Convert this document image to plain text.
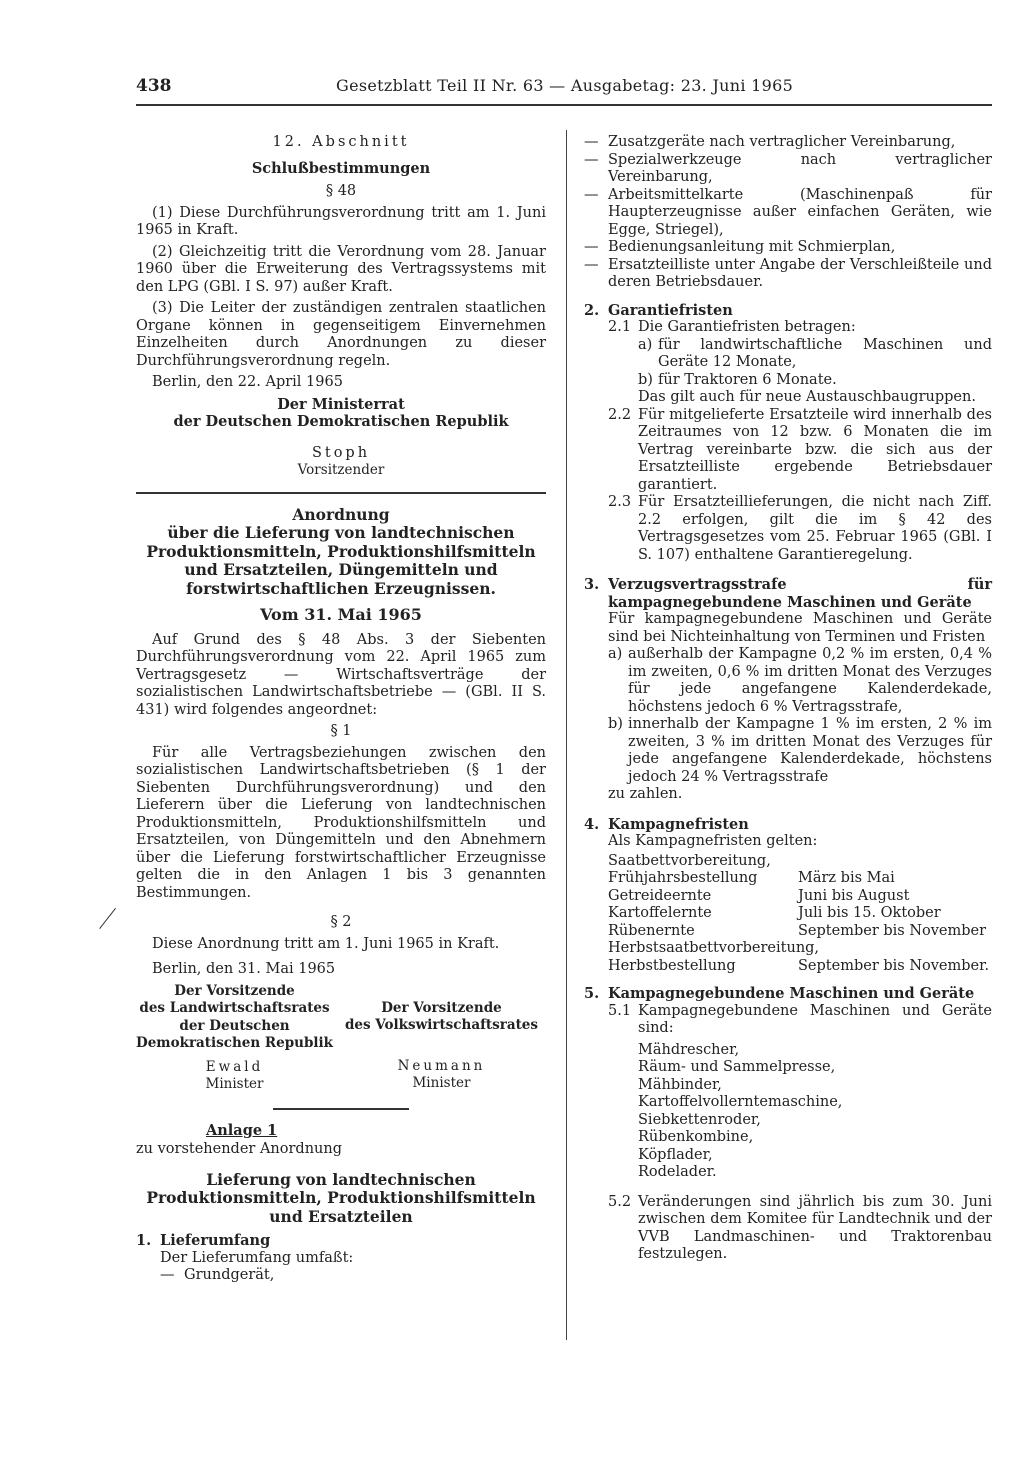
438	Gesetzblatt Teil II Nr. 63 — Ausgabetag: 23. Juni 1965

12. Abschnitt

Schlußbestimmungen

§ 48

(1) Diese Durchführungsverordnung tritt am 1. Juni 1965 in Kraft.

(2) Gleichzeitig tritt die Verordnung vom 28. Januar 1960 über die Erweiterung des Vertragssystems mit den LPG (GBl. I S. 97) außer Kraft.

(3) Die Leiter der zuständigen zentralen staatlichen Organe können in gegenseitigem Einvernehmen Einzelheiten durch Anordnungen zu dieser Durchführungsverordnung regeln.

Berlin, den 22. April 1965

Der Ministerrat

der Deutschen Demokratischen Republik

Stoph

Vorsitzender

Anordnung

über die Lieferung von landtechnischen Produktionsmitteln, Produktionshilfsmitteln und Ersatzteilen, Düngemitteln und forstwirtschaftlichen Erzeugnissen.

Vom 31. Mai 1965

Auf Grund des § 48 Abs. 3 der Siebenten Durchführungsverordnung vom 22. April 1965 zum Vertragsgesetz — Wirtschaftsverträge der sozialistischen Landwirtschaftsbetriebe — (GBl. II S. 431) wird folgendes angeordnet:

§ 1

Für alle Vertragsbeziehungen zwischen den sozialistischen Landwirtschaftsbetrieben (§ 1 der Siebenten Durchführungsverordnung) und den Lieferern über die Lieferung von landtechnischen Produktionsmitteln, Produktionshilfsmitteln und Ersatzteilen, von Düngemitteln und den Abnehmern über die Lieferung forstwirtschaftlicher Erzeugnisse gelten die in den Anlagen 1 bis 3 genannten Bestimmungen.

§ 2

Diese Anordnung tritt am 1. Juni 1965 in Kraft.

Berlin, den 31. Mai 1965

Der Vorsitzende
des Landwirtschaftsrates
der Deutschen
Demokratischen Republik
Ewald
Minister
Der Vorsitzende
des Volkswirtschaftsrates
Neumann
Minister

Anlage 1

zu vorstehender Anordnung

Lieferung von landtechnischen Produktionsmitteln, Produktionshilfsmitteln und Ersatzteilen

1. Lieferumfang

Der Lieferumfang umfaßt:

— Grundgerät,
— Zusatzgeräte nach vertraglicher Vereinbarung,
— Spezialwerkzeuge nach vertraglicher Vereinbarung,
— Arbeitsmittelkarte (Maschinenpaß für Haupterzeugnisse außer einfachen Geräten, wie Egge, Striegel),
— Bedienungsanleitung mit Schmierplan,
— Ersatzteilliste unter Angabe der Verschleißteile und deren Betriebsdauer.
2. Garantiefristen
2.1 Die Garantiefristen betragen:
a) für landwirtschaftliche Maschinen und Geräte 12 Monate,
b) für Traktoren 6 Monate.

Das gilt auch für neue Austauschbaugruppen.

2.2 Für mitgelieferte Ersatzteile wird innerhalb des Zeitraumes von 12 bzw. 6 Monaten die im Vertrag vereinbarte bzw. die sich aus der Ersatzteilliste ergebende Betriebsdauer garantiert.
2.3 Für Ersatzteillieferungen, die nicht nach Ziff. 2.2 erfolgen, gilt die im § 42 des Vertragsgesetzes vom 25. Februar 1965 (GBl. I S. 107) enthaltene Garantieregelung.
3. Verzugsvertragsstrafe für kampagnegebundene Maschinen und Geräte

Für kampagnegebundene Maschinen und Geräte sind bei Nichteinhaltung von Terminen und Fristen

a) außerhalb der Kampagne 0,2 % im ersten, 0,4 % im zweiten, 0,6 % im dritten Monat des Verzuges für jede angefangene Kalenderdekade, höchstens jedoch 6 % Vertragsstrafe,
b) innerhalb der Kampagne 1 % im ersten, 2 % im zweiten, 3 % im dritten Monat des Verzuges für jede angefangene Kalenderdekade, höchstens jedoch 24 % Vertragsstrafe

zu zahlen.

4. Kampagnefristen

Als Kampagnefristen gelten:

Saatbettvorbereitung,
Frühjahrsbestellung	März bis Mai
Getreideernte	Juni bis August
Kartoffelernte	Juli bis 15. Oktober
Rübenernte	September bis November
Herbstsaatbettvorbereitung,
Herbstbestellung	September bis November.
5. Kampagnegebundene Maschinen und Geräte
5.1 Kampagnegebundene Maschinen und Geräte sind:
Mähdrescher,
Räum- und Sammelpresse,
Mähbinder,
Kartoffelvollerntemaschine,
Siebkettenroder,
Rübenkombine,
Köpflader,
Rodelader.
5.2 Veränderungen sind jährlich bis zum 30. Juni zwischen dem Komitee für Landtechnik und der VVB Landmaschinen- und Traktorenbau festzulegen.
